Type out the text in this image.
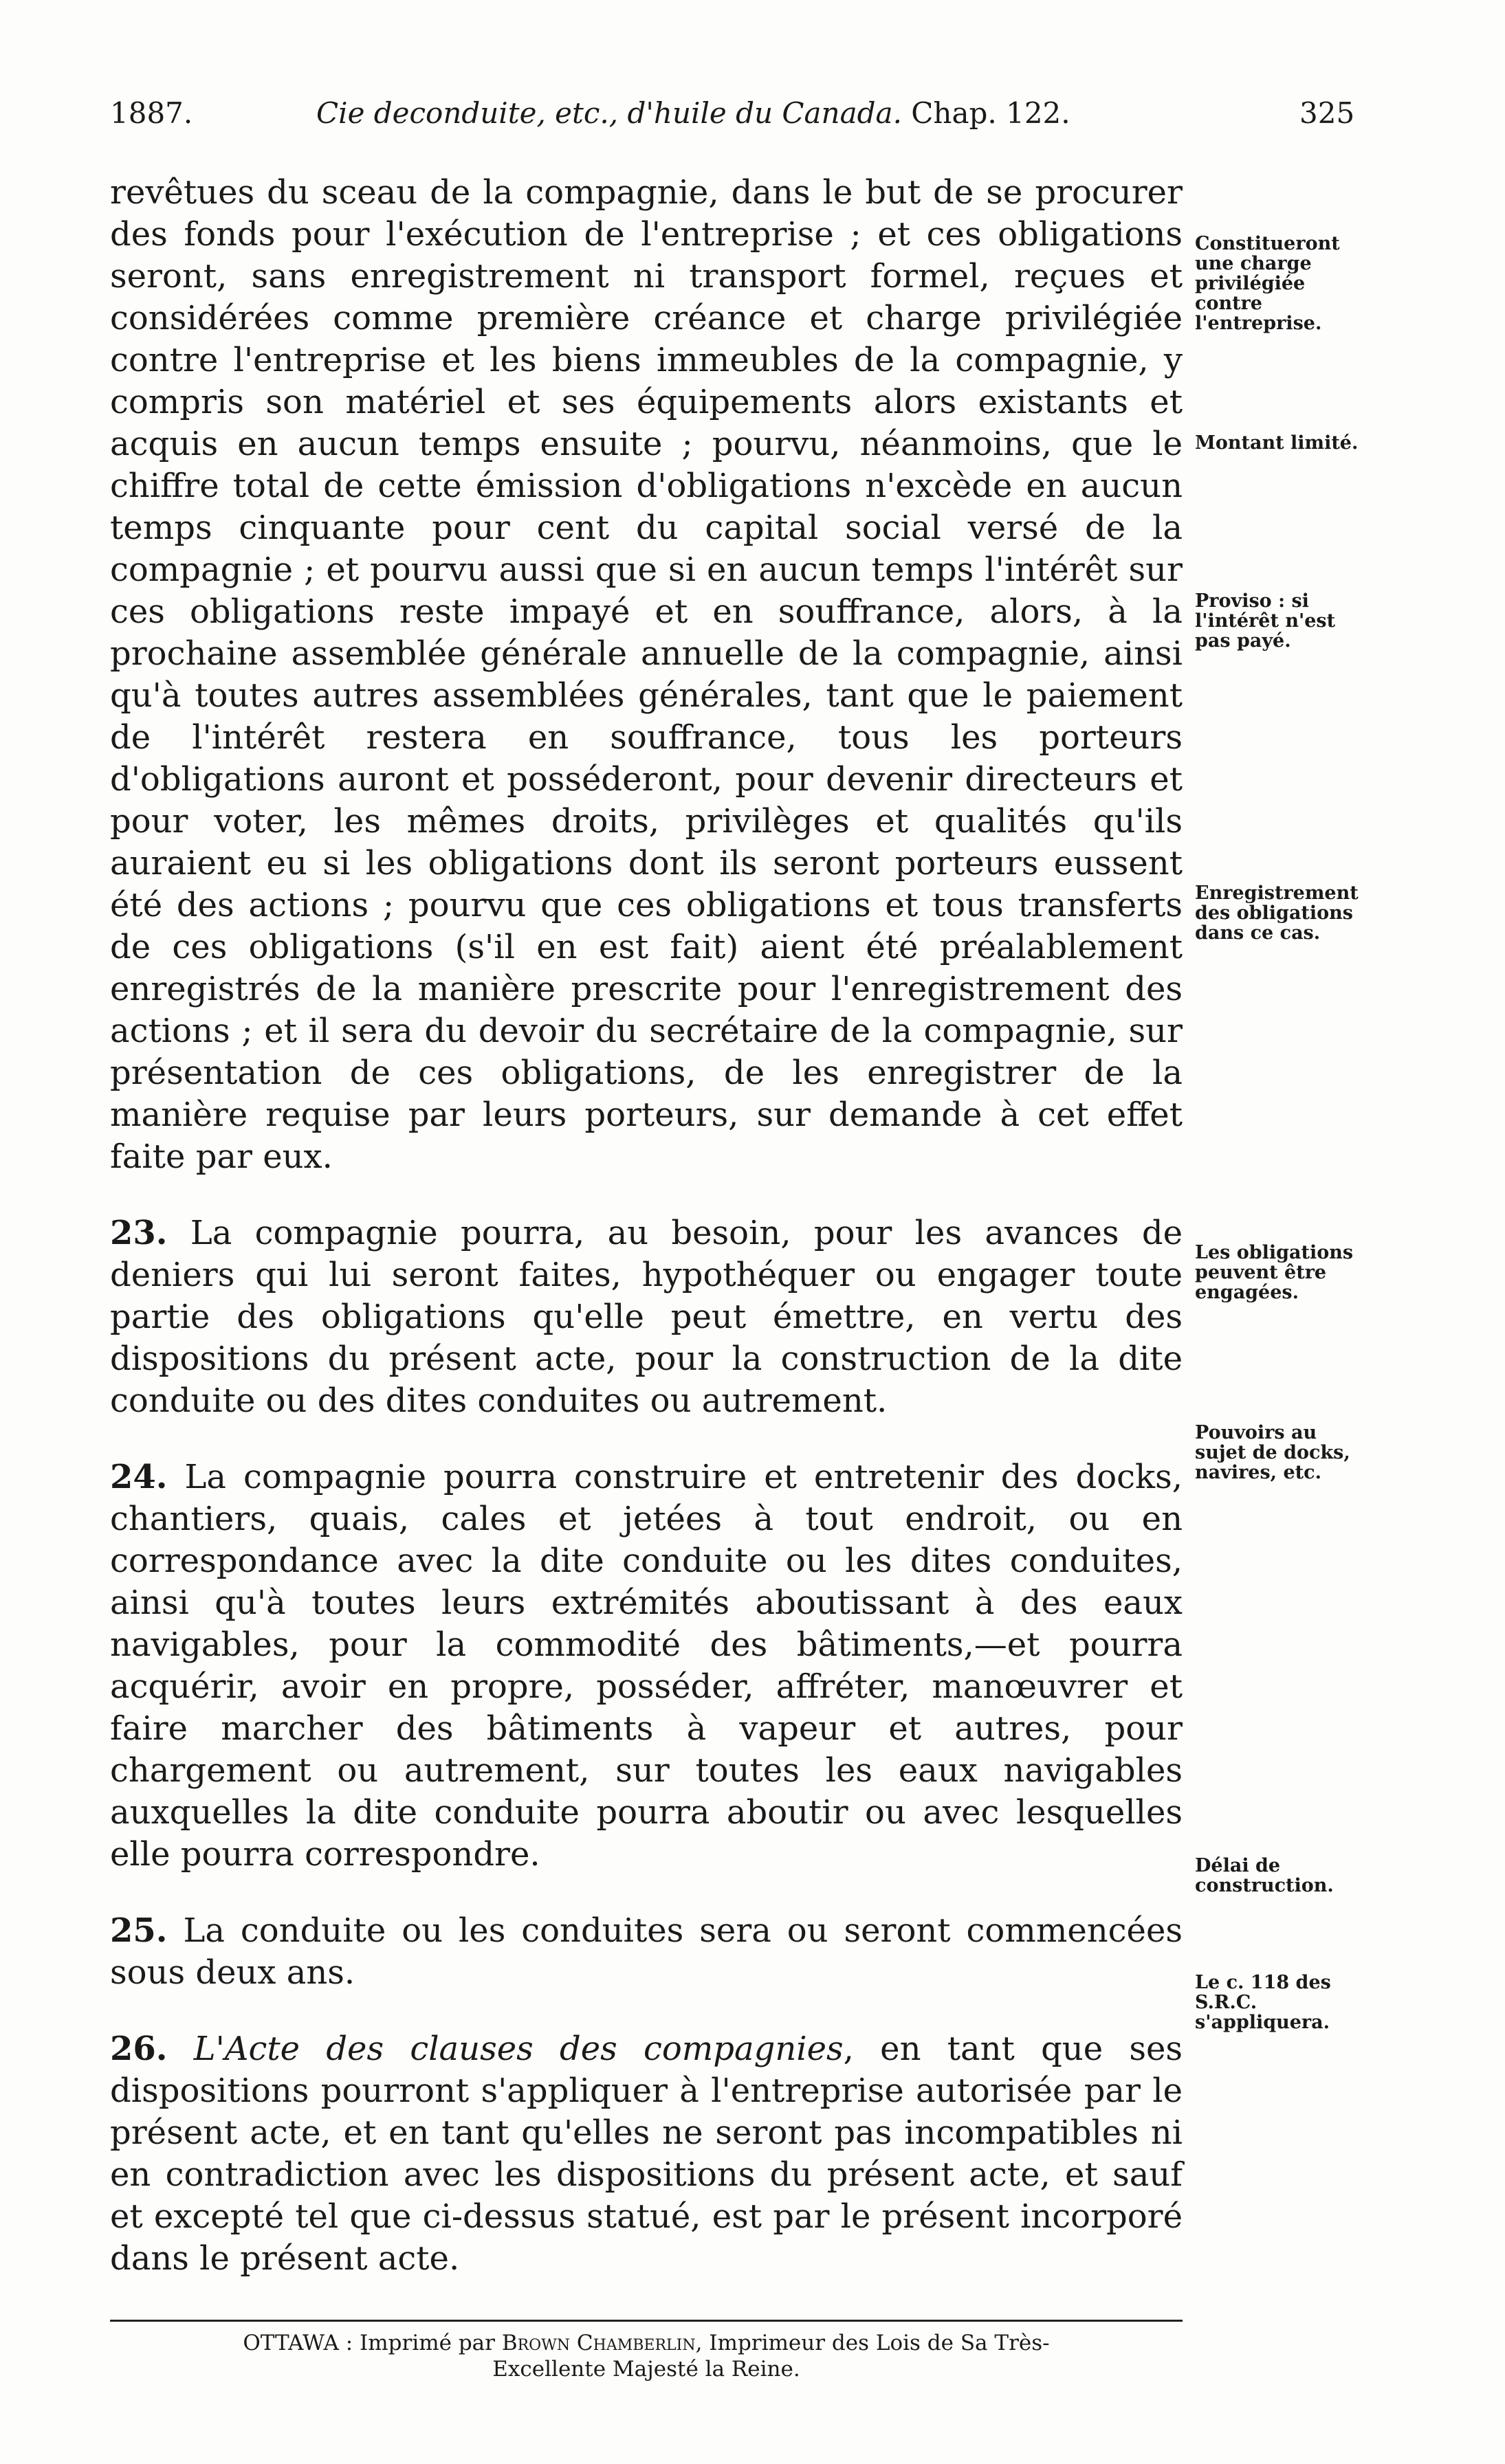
1887.	Cie deconduite, etc., d'huile du Canada. Chap. 122.	325

revêtues du sceau de la compagnie, dans le but de se procurer des fonds pour l'exécution de l'entreprise ; et ces obligations seront, sans enregistrement ni transport formel, reçues et considérées comme première créance et charge privilégiée contre l'entreprise et les biens immeubles de la compagnie, y compris son matériel et ses équipements alors existants et acquis en aucun temps ensuite ; pourvu, néanmoins, que le chiffre total de cette émission d'obligations n'excède en aucun temps cinquante pour cent du capital social versé de la compagnie ; et pourvu aussi que si en aucun temps l'intérêt sur ces obligations reste impayé et en souffrance, alors, à la prochaine assemblée générale annuelle de la compagnie, ainsi qu'à toutes autres assemblées générales, tant que le paiement de l'intérêt restera en souffrance, tous les porteurs d'obligations auront et posséderont, pour devenir directeurs et pour voter, les mêmes droits, privilèges et qualités qu'ils auraient eu si les obligations dont ils seront porteurs eussent été des actions ; pourvu que ces obligations et tous transferts de ces obligations (s'il en est fait) aient été préalablement enregistrés de la manière prescrite pour l'enregistrement des actions ; et il sera du devoir du secrétaire de la compagnie, sur présentation de ces obligations, de les enregistrer de la manière requise par leurs porteurs, sur demande à cet effet faite par eux.

23. La compagnie pourra, au besoin, pour les avances de deniers qui lui seront faites, hypothéquer ou engager toute partie des obligations qu'elle peut émettre, en vertu des dispositions du présent acte, pour la construction de la dite conduite ou des dites conduites ou autrement.

24. La compagnie pourra construire et entretenir des docks, chantiers, quais, cales et jetées à tout endroit, ou en correspondance avec la dite conduite ou les dites conduites, ainsi qu'à toutes leurs extrémités aboutissant à des eaux navigables, pour la commodité des bâtiments,—et pourra acquérir, avoir en propre, posséder, affréter, manœuvrer et faire marcher des bâtiments à vapeur et autres, pour chargement ou autrement, sur toutes les eaux navigables auxquelles la dite conduite pourra aboutir ou avec lesquelles elle pourra correspondre.

25. La conduite ou les conduites sera ou seront commencées sous deux ans.

26. L'Acte des clauses des compagnies, en tant que ses dispositions pourront s'appliquer à l'entreprise autorisée par le présent acte, et en tant qu'elles ne seront pas incompatibles ni en contradiction avec les dispositions du présent acte, et sauf et excepté tel que ci-dessus statué, est par le présent incorporé dans le présent acte.

Constitueront une charge privilégiée contre l'entreprise.
Montant limité.
Proviso : si l'intérêt n'est pas payé.
Enregistrement des obligations dans ce cas.
Les obligations peuvent être engagées.
Pouvoirs au sujet de docks, navires, etc.
Délai de construction.
Le c. 118 des S.R.C. s'appliquera.
OTTAWA : Imprimé par Brown Chamberlin, Imprimeur des Lois de Sa Très-
Excellente Majesté la Reine.
